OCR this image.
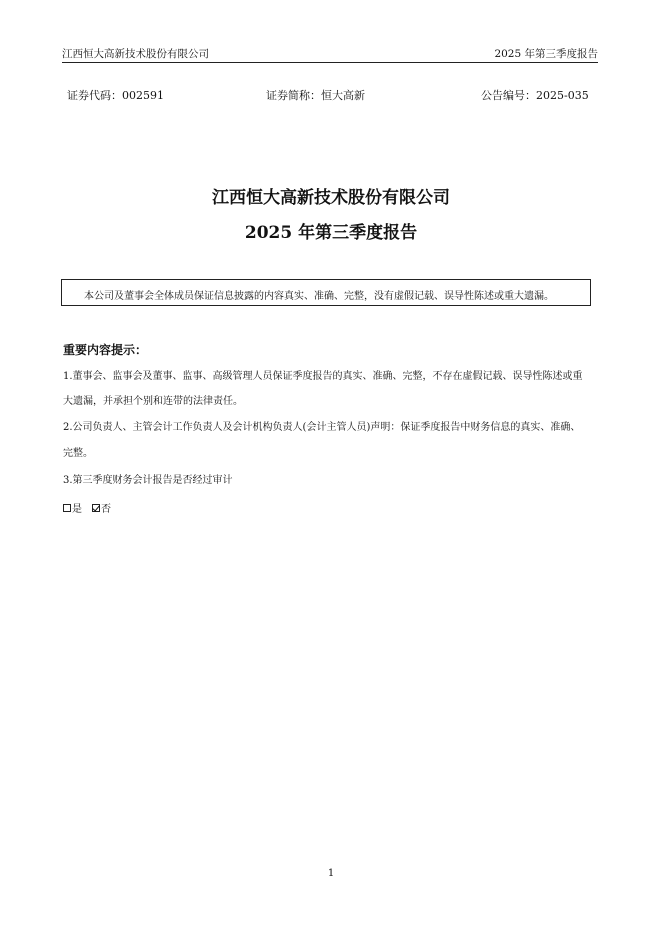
江西恒大高新技术股份有限公司	2025 年第三季度报告
证券代码：002591	证券简称：恒大高新	公告编号：2025-035
江西恒大高新技术股份有限公司
2025 年第三季度报告
本公司及董事会全体成员保证信息披露的内容真实、准确、完整，没有虚假记载、误导性陈述或重大遗漏。
重要内容提示：
1.董事会、监事会及董事、监事、高级管理人员保证季度报告的真实、准确、完整，不存在虚假记载、误导性陈述或重
大遗漏，并承担个别和连带的法律责任。
2.公司负责人、主管会计工作负责人及会计机构负责人(会计主管人员)声明：保证季度报告中财务信息的真实、准确、
完整。
3.第三季度财务会计报告是否经过审计
是 否
1
